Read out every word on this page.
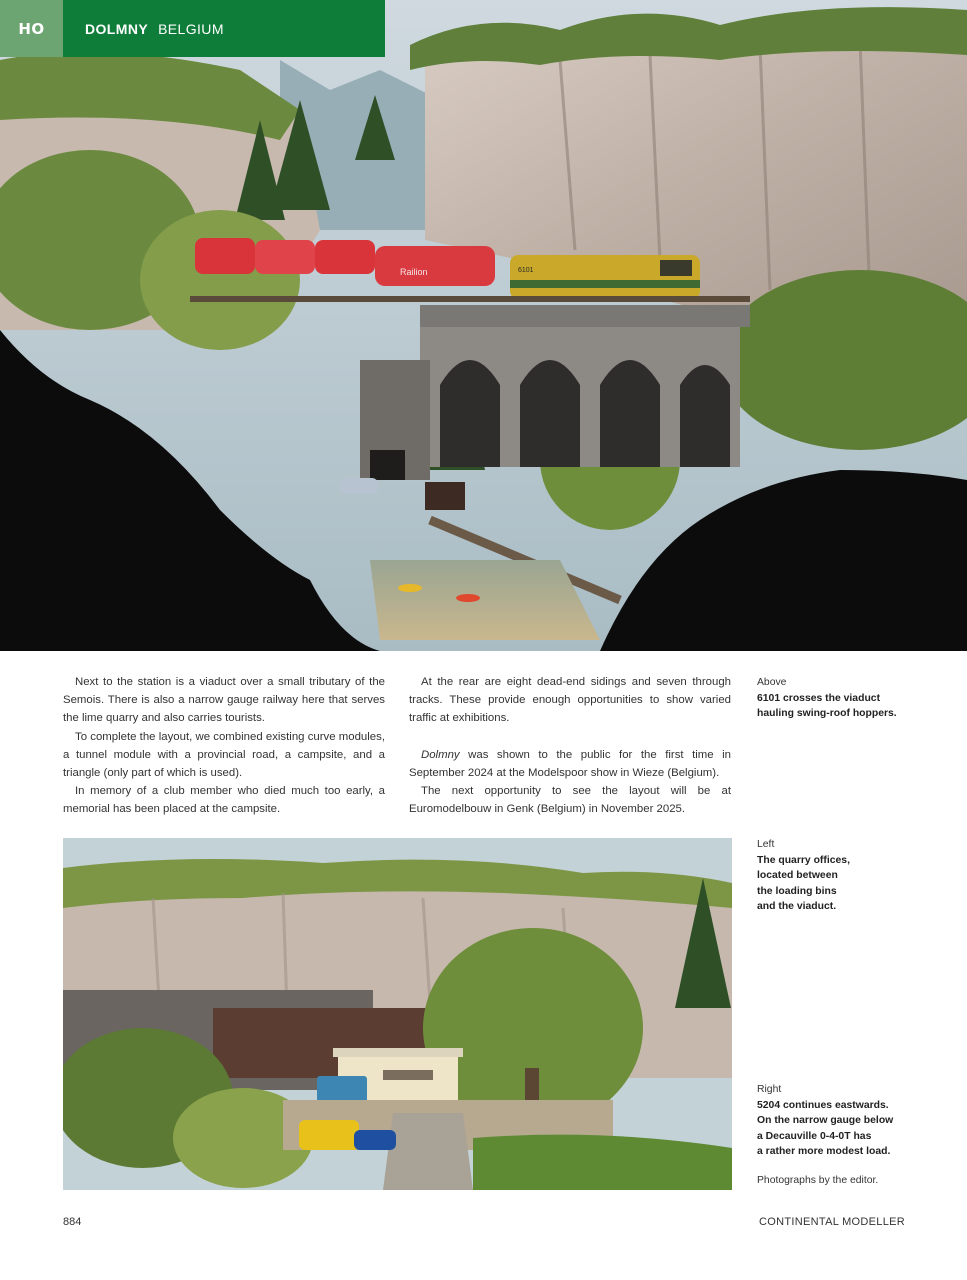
Railion	6101
HO	DOLMNY BELGIUM

Next to the station is a viaduct over a small tributary of the Semois. There is also a narrow gauge railway here that serves the lime quarry and also carries tourists.

To complete the layout, we combined existing curve modules, a tunnel module with a provincial road, a campsite, and a triangle (only part of which is used).

In memory of a club member who died much too early, a memorial has been placed at the campsite.

At the rear are eight dead-end sidings and seven through tracks. These provide enough opportunities to show varied traffic at exhibitions.

Dolmny was shown to the public for the first time in September 2024 at the Modelspoor show in Wieze (Belgium).

The next opportunity to see the layout will be at Euromodelbouw in Genk (Belgium) in November 2025.

Above
6101 crosses the viaduct hauling swing-roof hoppers.
Left
The quarry offices,
located between
the loading bins
and the viaduct.
Right
5204 continues eastwards.
On the narrow gauge below
a Decauville 0-4-0T has
a rather more modest load.
Photographs by the editor.
884	CONTINENTAL MODELLER
